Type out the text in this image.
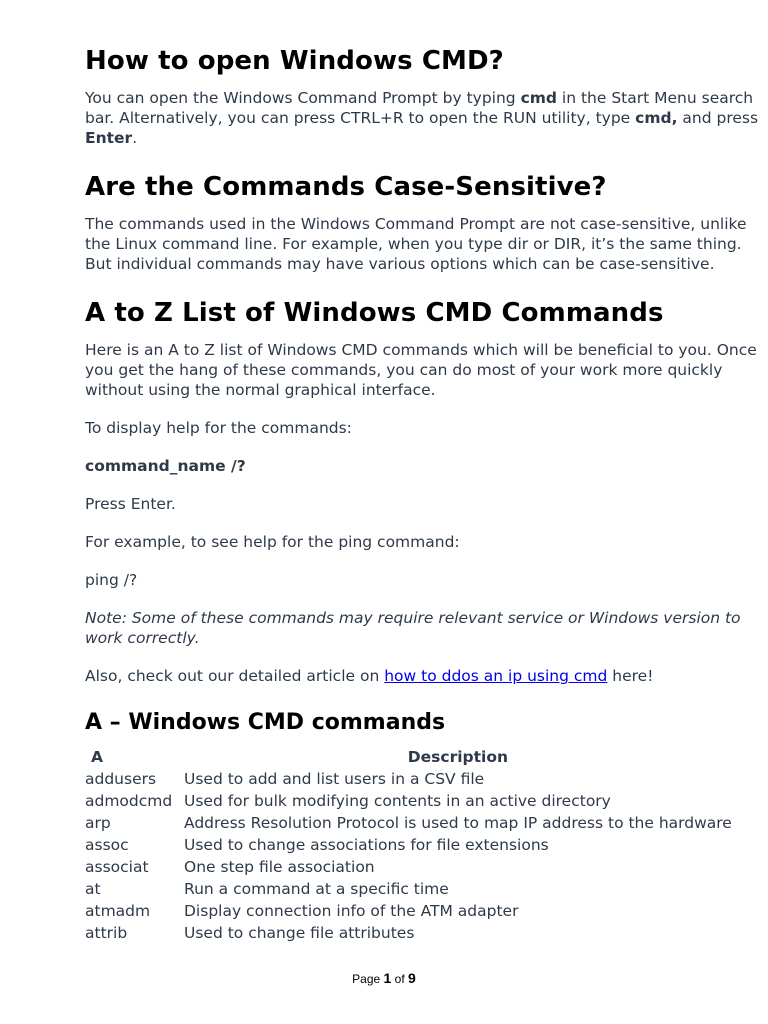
How to open Windows CMD?

You can open the Windows Command Prompt by typing cmd in the Start Menu search bar. Alternatively, you can press CTRL+R to open the RUN utility, type cmd, and press Enter.

Are the Commands Case-Sensitive?

The commands used in the Windows Command Prompt are not case-sensitive, unlike the Linux command line. For example, when you type dir or DIR, it’s the same thing. But individual commands may have various options which can be case-sensitive.

A to Z List of Windows CMD Commands

Here is an A to Z list of Windows CMD commands which will be beneficial to you. Once you get the hang of these commands, you can do most of your work more quickly without using the normal graphical interface.

To display help for the commands:

command_name /?

Press Enter.

For example, to see help for the ping command:

ping /?

Note: Some of these commands may require relevant service or Windows version to work correctly.

Also, check out our detailed article on how to ddos an ip using cmd here!

A – Windows CMD commands
A	Description
addusers	Used to add and list users in a CSV file
admodcmd	Used for bulk modifying contents in an active directory
arp	Address Resolution Protocol is used to map IP address to the hardware
assoc	Used to change associations for file extensions
associat	One step file association
at	Run a command at a specific time
atmadm	Display connection info of the ATM adapter
attrib	Used to change file attributes
Page 1 of 9
